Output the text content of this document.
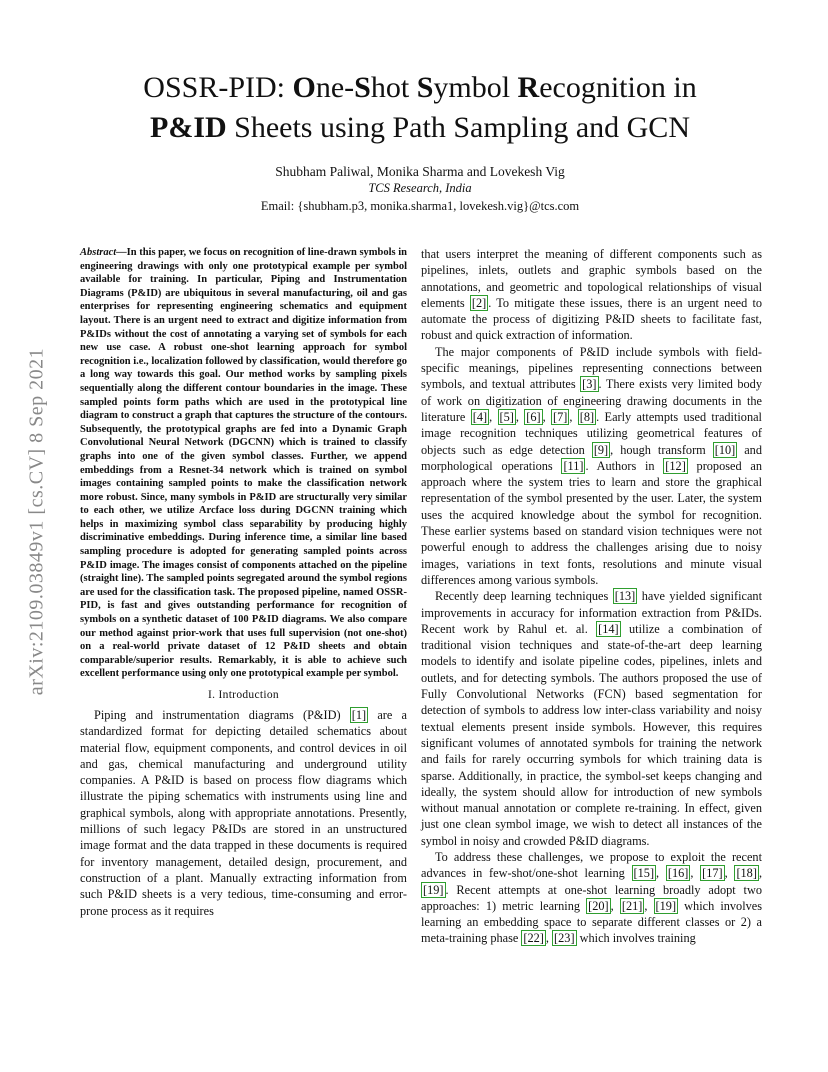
OSSR-PID: One-Shot Symbol Recognition in
P&ID Sheets using Path Sampling and GCN
Shubham Paliwal, Monika Sharma and Lovekesh Vig
TCS Research, India
Email: {shubham.p3, monika.sharma1, lovekesh.vig}@tcs.com
arXiv:2109.03849v1 [cs.CV] 8 Sep 2021

Abstract—In this paper, we focus on recognition of line-drawn symbols in engineering drawings with only one prototypical example per symbol available for training. In particular, Piping and Instrumentation Diagrams (P&ID) are ubiquitous in several manufacturing, oil and gas enterprises for representing engineering schematics and equipment layout. There is an urgent need to extract and digitize information from P&IDs without the cost of annotating a varying set of symbols for each new use case. A robust one-shot learning approach for symbol recognition i.e., localization followed by classification, would therefore go a long way towards this goal. Our method works by sampling pixels sequentially along the different contour boundaries in the image. These sampled points form paths which are used in the prototypical line diagram to construct a graph that captures the structure of the contours. Subsequently, the prototypical graphs are fed into a Dynamic Graph Convolutional Neural Network (DGCNN) which is trained to classify graphs into one of the given symbol classes. Further, we append embeddings from a Resnet-34 network which is trained on symbol images containing sampled points to make the classification network more robust. Since, many symbols in P&ID are structurally very similar to each other, we utilize Arcface loss during DGCNN training which helps in maximizing symbol class separability by producing highly discriminative embeddings. During inference time, a similar line based sampling procedure is adopted for generating sampled points across P&ID image. The images consist of components attached on the pipeline (straight line). The sampled points segregated around the symbol regions are used for the classification task. The proposed pipeline, named OSSR-PID, is fast and gives outstanding performance for recognition of symbols on a synthetic dataset of 100 P&ID diagrams. We also compare our method against prior-work that uses full supervision (not one-shot) on a real-world private dataset of 12 P&ID sheets and obtain comparable/superior results. Remarkably, it is able to achieve such excellent performance using only one prototypical example per symbol.

I. Introduction

Piping and instrumentation diagrams (P&ID) [1] are a standardized format for depicting detailed schematics about material flow, equipment components, and control devices in oil and gas, chemical manufacturing and underground utility companies. A P&ID is based on process flow diagrams which illustrate the piping schematics with instruments using line and graphical symbols, along with appropriate annotations. Presently, millions of such legacy P&IDs are stored in an unstructured image format and the data trapped in these documents is required for inventory management, detailed design, procurement, and construction of a plant. Manually extracting information from such P&ID sheets is a very tedious, time-consuming and error-prone process as it requires

that users interpret the meaning of different components such as pipelines, inlets, outlets and graphic symbols based on the annotations, and geometric and topological relationships of visual elements [2] . To mitigate these issues, there is an urgent need to automate the process of digitizing P&ID sheets to facilitate fast, robust and quick extraction of information.

The major components of P&ID include symbols with field-specific meanings, pipelines representing connections between symbols, and textual attributes [3] . There exists very limited body of work on digitization of engineering drawing documents in the literature [4] , [5] , [6] , [7] , [8] . Early attempts used traditional image recognition techniques utilizing geometrical features of objects such as edge detection [9] , hough transform [10] and morphological operations [11] . Authors in [12] proposed an approach where the system tries to learn and store the graphical representation of the symbol presented by the user. Later, the system uses the acquired knowledge about the symbol for recognition. These earlier systems based on standard vision techniques were not powerful enough to address the challenges arising due to noisy images, variations in text fonts, resolutions and minute visual differences among various symbols.

Recently deep learning techniques [13] have yielded significant improvements in accuracy for information extraction from P&IDs. Recent work by Rahul et. al. [14] utilize a combination of traditional vision techniques and state-of-the-art deep learning models to identify and isolate pipeline codes, pipelines, inlets and outlets, and for detecting symbols. The authors proposed the use of Fully Convolutional Networks (FCN) based segmentation for detection of symbols to address low inter-class variability and noisy textual elements present inside symbols. However, this requires significant volumes of annotated symbols for training the network and fails for rarely occurring symbols for which training data is sparse. Additionally, in practice, the symbol-set keeps changing and ideally, the system should allow for introduction of new symbols without manual annotation or complete re-training. In effect, given just one clean symbol image, we wish to detect all instances of the symbol in noisy and crowded P&ID diagrams.

To address these challenges, we propose to exploit the recent advances in few-shot/one-shot learning [15] , [16] , [17] , [18] , [19] . Recent attempts at one-shot learning broadly adopt two approaches: 1) metric learning [20] , [21] , [19] which involves learning an embedding space to separate different classes or 2) a meta-training phase [22] , [23] which involves training
